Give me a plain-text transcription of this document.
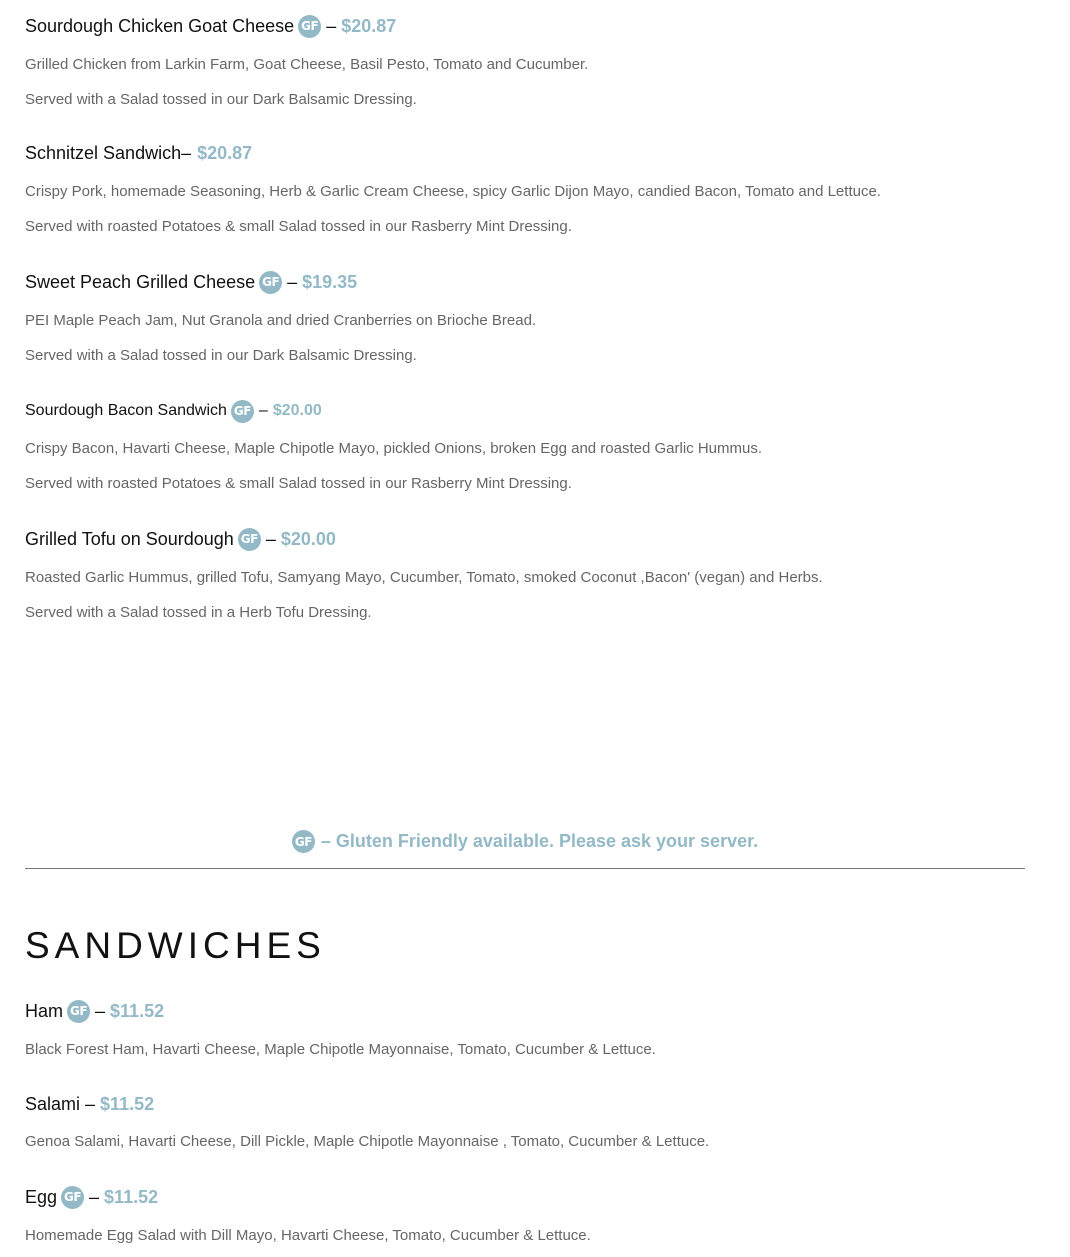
Sourdough Chicken Goat Cheese GF – $20.87
Grilled Chicken from Larkin Farm, Goat Cheese, Basil Pesto, Tomato and Cucumber.
Served with a Salad tossed in our Dark Balsamic Dressing.
Schnitzel Sandwich– $20.87
Crispy Pork, homemade Seasoning, Herb & Garlic Cream Cheese, spicy Garlic Dijon Mayo, candied Bacon, Tomato and Lettuce.
Served with roasted Potatoes & small Salad tossed in our Rasberry Mint Dressing.
Sweet Peach Grilled Cheese GF – $19.35
PEI Maple Peach Jam, Nut Granola and dried Cranberries on Brioche Bread.
Served with a Salad tossed in our Dark Balsamic Dressing.
Sourdough Bacon Sandwich GF – $20.00
Crispy Bacon, Havarti Cheese, Maple Chipotle Mayo, pickled Onions, broken Egg and roasted Garlic Hummus.
Served with roasted Potatoes & small Salad tossed in our Rasberry Mint Dressing.
Grilled Tofu on Sourdough GF – $20.00
Roasted Garlic Hummus, grilled Tofu, Samyang Mayo, Cucumber, Tomato, smoked Coconut ,Bacon' (vegan) and Herbs.
Served with a Salad tossed in a Herb Tofu Dressing.
GF – Gluten Friendly available. Please ask your server.
SANDWICHES
Ham GF – $11.52
Black Forest Ham, Havarti Cheese, Maple Chipotle Mayonnaise, Tomato, Cucumber & Lettuce.
Salami – $11.52
Genoa Salami, Havarti Cheese, Dill Pickle, Maple Chipotle Mayonnaise , Tomato, Cucumber & Lettuce.
Egg GF – $11.52
Homemade Egg Salad with Dill Mayo, Havarti Cheese, Tomato, Cucumber & Lettuce.
